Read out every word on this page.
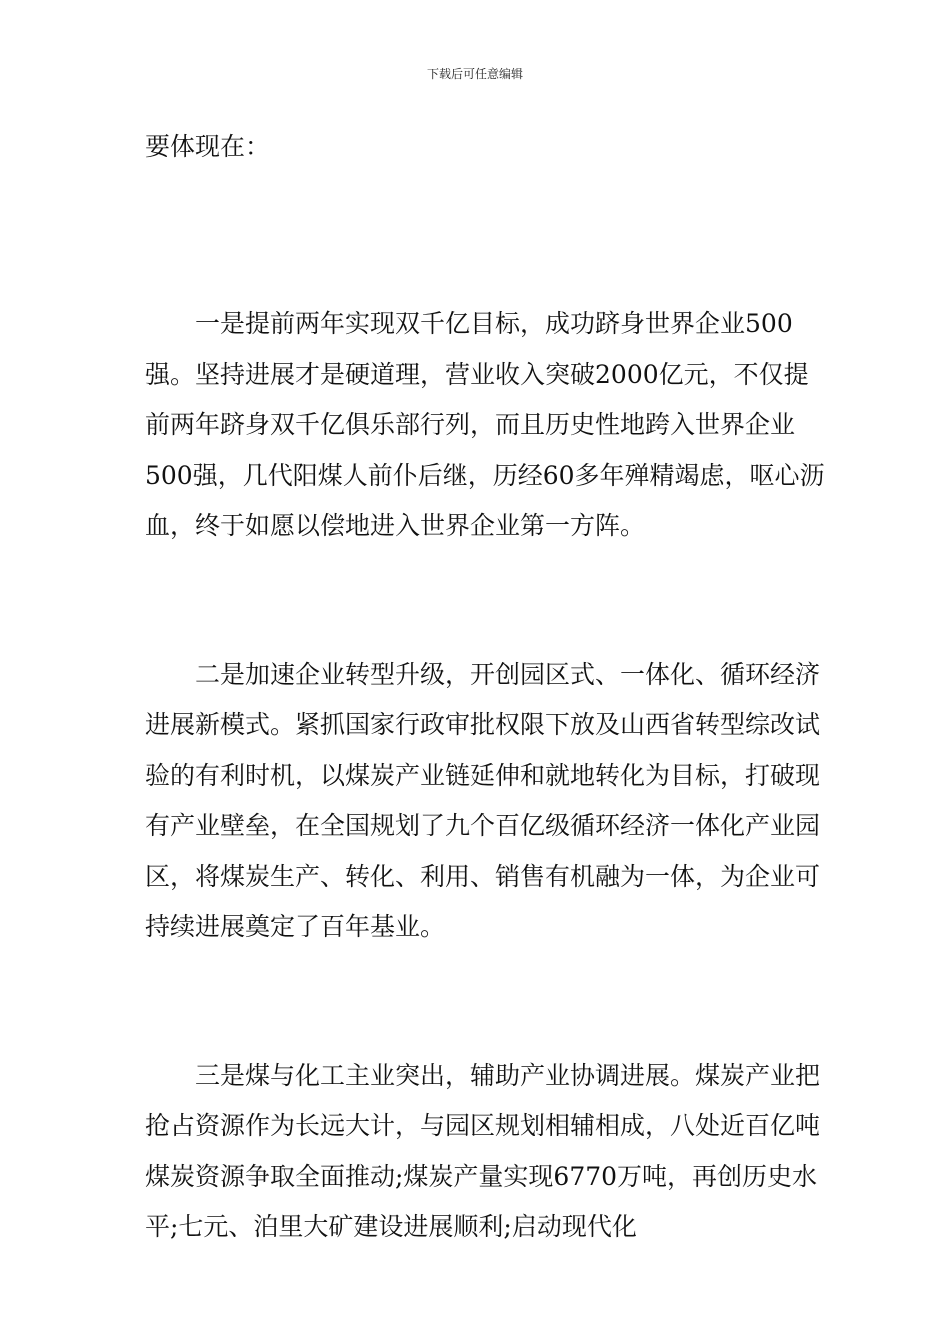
下载后可任意编辑

要体现在：

一是提前两年实现双千亿目标，成功跻身世界企业500强。坚持进展才是硬道理，营业收入突破2000亿元，不仅提前两年跻身双千亿俱乐部行列，而且历史性地跨入世界企业500强，几代阳煤人前仆后继，历经60多年殚精竭虑，呕心沥血，终于如愿以偿地进入世界企业第一方阵。

二是加速企业转型升级，开创园区式、一体化、循环经济进展新模式。紧抓国家行政审批权限下放及山西省转型综改试验的有利时机，以煤炭产业链延伸和就地转化为目标，打破现有产业壁垒，在全国规划了九个百亿级循环经济一体化产业园区，将煤炭生产、转化、利用、销售有机融为一体，为企业可持续进展奠定了百年基业。

三是煤与化工主业突出，辅助产业协调进展。煤炭产业把抢占资源作为长远大计，与园区规划相辅相成，八处近百亿吨煤炭资源争取全面推动;煤炭产量实现6770万吨，再创历史水平;七元、泊里大矿建设进展顺利;启动现代化
